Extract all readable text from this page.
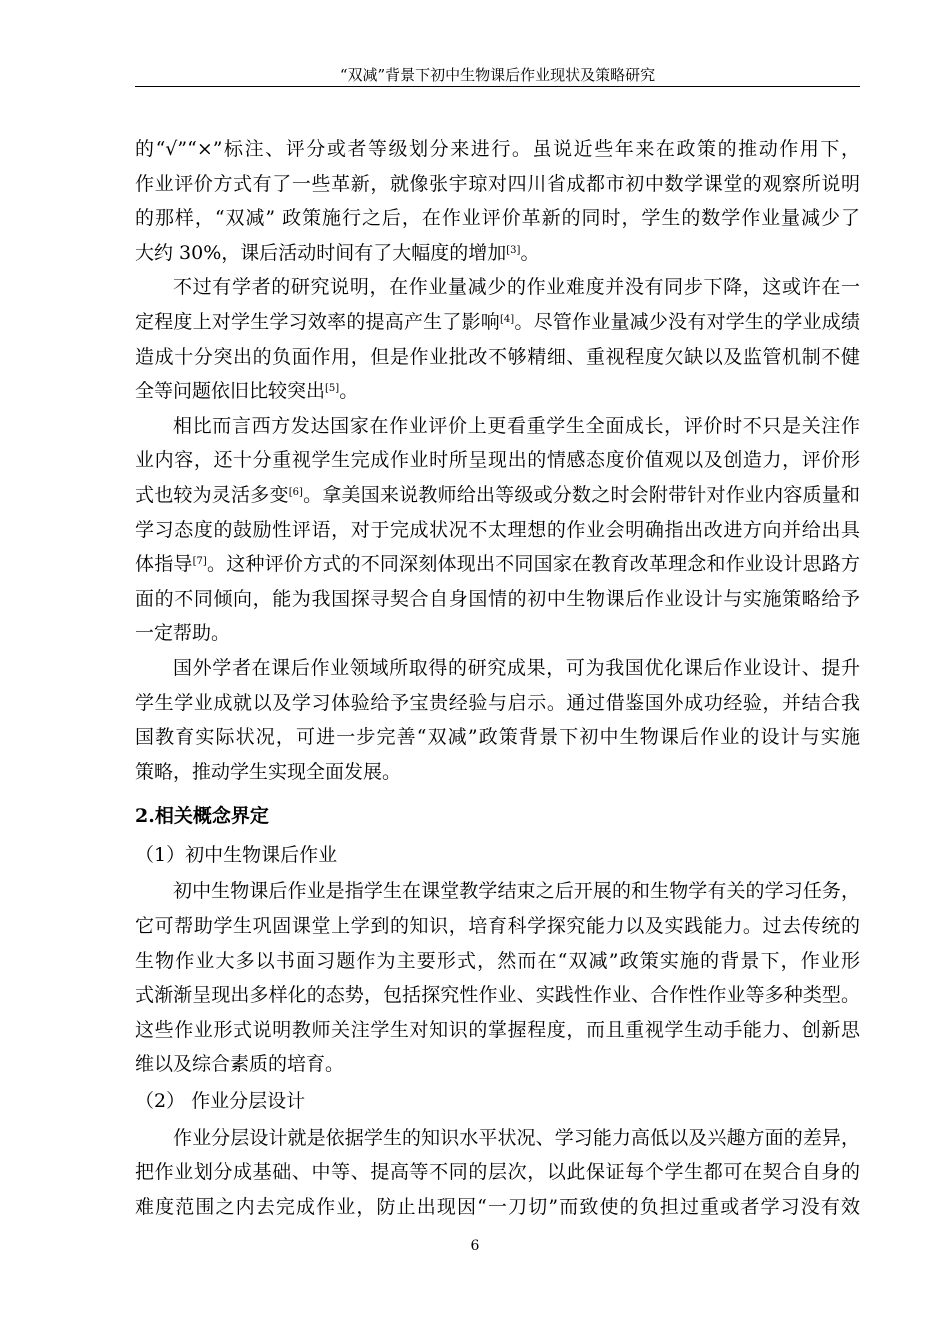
“双减”背景下初中生物课后作业现状及策略研究
的“√”“×”标注、评分或者等级划分来进行。虽说近些年来在政策的推动作用下，
作业评价方式有了一些革新，就像张宇琼对四川省成都市初中数学课堂的观察所说明
的那样，“双减” 政策施行之后，在作业评价革新的同时，学生的数学作业量减少了
大约 30%，课后活动时间有了大幅度的增加[3]。
不过有学者的研究说明，在作业量减少的作业难度并没有同步下降，这或许在一
定程度上对学生学习效率的提高产生了影响[4]。尽管作业量减少没有对学生的学业成绩
造成十分突出的负面作用，但是作业批改不够精细、重视程度欠缺以及监管机制不健
全等问题依旧比较突出[5]。
相比而言西方发达国家在作业评价上更看重学生全面成长，评价时不只是关注作
业内容，还十分重视学生完成作业时所呈现出的情感态度价值观以及创造力，评价形
式也较为灵活多变[6]。拿美国来说教师给出等级或分数之时会附带针对作业内容质量和
学习态度的鼓励性评语，对于完成状况不太理想的作业会明确指出改进方向并给出具
体指导[7]。这种评价方式的不同深刻体现出不同国家在教育改革理念和作业设计思路方
面的不同倾向，能为我国探寻契合自身国情的初中生物课后作业设计与实施策略给予
一定帮助。
国外学者在课后作业领域所取得的研究成果，可为我国优化课后作业设计、提升
学生学业成就以及学习体验给予宝贵经验与启示。通过借鉴国外成功经验，并结合我
国教育实际状况，可进一步完善“双减”政策背景下初中生物课后作业的设计与实施
策略，推动学生实现全面发展。
2.相关概念界定
（1）初中生物课后作业
初中生物课后作业是指学生在课堂教学结束之后开展的和生物学有关的学习任务，
它可帮助学生巩固课堂上学到的知识，培育科学探究能力以及实践能力。过去传统的
生物作业大多以书面习题作为主要形式，然而在“双减”政策实施的背景下，作业形
式渐渐呈现出多样化的态势，包括探究性作业、实践性作业、合作性作业等多种类型。
这些作业形式说明教师关注学生对知识的掌握程度，而且重视学生动手能力、创新思
维以及综合素质的培育。
（2） 作业分层设计
作业分层设计就是依据学生的知识水平状况、学习能力高低以及兴趣方面的差异，
把作业划分成基础、中等、提高等不同的层次，以此保证每个学生都可在契合自身的
难度范围之内去完成作业，防止出现因“一刀切”而致使的负担过重或者学习没有效
6
